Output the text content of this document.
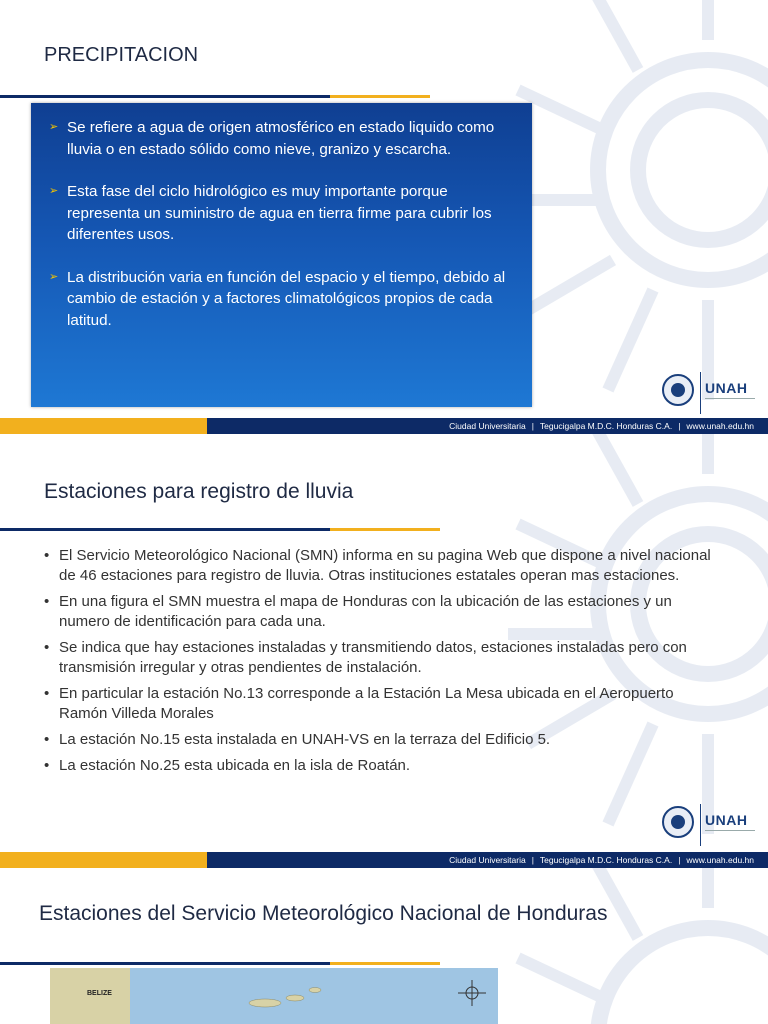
PRECIPITACION
➢ Se refiere a agua de origen atmosférico en estado liquido como lluvia o en estado sólido como nieve, granizo y escarcha.
➢ Esta fase del ciclo hidrológico es muy importante porque representa un suministro de agua en tierra firme para cubrir los diferentes usos.
➢ La distribución varia en función del espacio y el tiempo, debido al cambio de estación y a factores climatológicos propios de cada latitud.
UNAH
Ciudad Universitaria | Tegucigalpa M.D.C. Honduras C.A. | www.unah.edu.hn
Estaciones para registro de lluvia
• El Servicio Meteorológico Nacional (SMN) informa en su pagina Web que dispone a nivel nacional de 46 estaciones para registro de lluvia. Otras instituciones estatales operan mas estaciones.
• En una figura el SMN muestra el mapa de Honduras con la ubicación de las estaciones y un numero de identificación para cada una.
• Se indica que hay estaciones instaladas y transmitiendo datos, estaciones instaladas pero con transmisión irregular y otras pendientes de instalación.
• En particular la estación No.13 corresponde a la Estación La Mesa ubicada en el Aeropuerto Ramón Villeda Morales
• La estación No.15 esta instalada en UNAH-VS en la terraza del Edificio 5.
• La estación No.25 esta ubicada en la isla de Roatán.
UNAH
Ciudad Universitaria | Tegucigalpa M.D.C. Honduras C.A. | www.unah.edu.hn
Estaciones del Servicio Meteorológico Nacional de Honduras
BELIZE
